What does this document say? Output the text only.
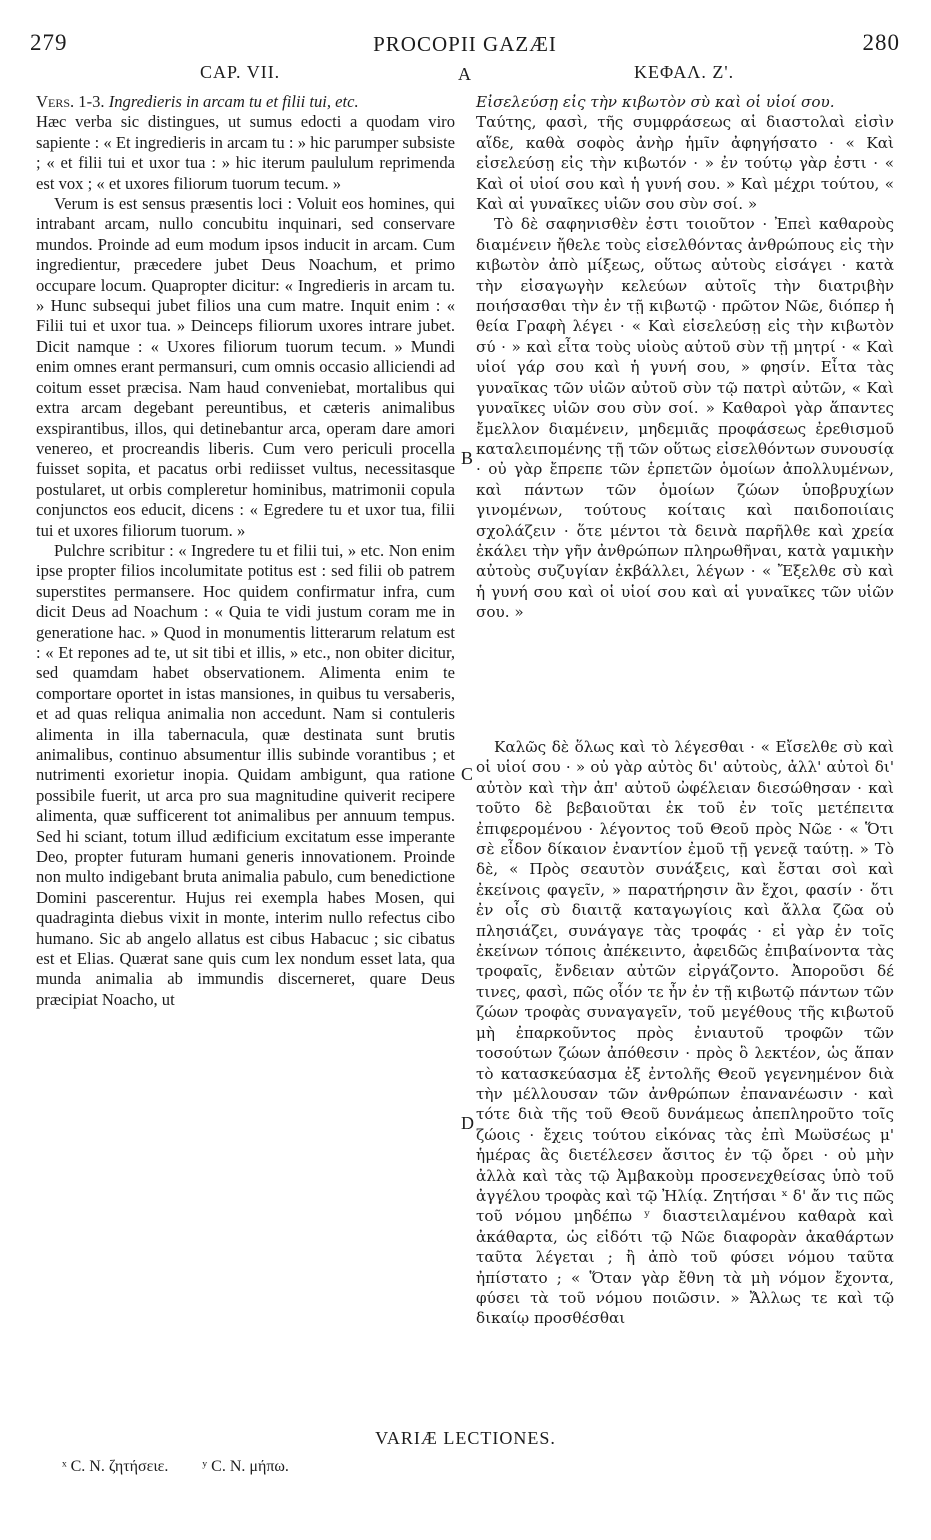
279	PROCOPII GAZÆI	280
CAP. VII.	ΚΕΦΑΛ. Ζ'.
A
B
C
D

Vers. 1-3. Ingredieris in arcam tu et filii tui, etc.

Hæc verba sic distingues, ut sumus edocti a quodam viro sapiente : « Et ingredieris in arcam tu : » hic parumper subsiste ; « et filii tui et uxor tua : » hic iterum paululum reprimenda est vox ; « et uxores filiorum tuorum tecum. »

Verum is est sensus præsentis loci : Voluit eos homines, qui intrabant arcam, nullo concubitu inquinari, sed conservare mundos. Proinde ad eum modum ipsos inducit in arcam. Cum ingredientur, præcedere jubet Deus Noachum, et primo occupare locum. Quapropter dicitur: « Ingredieris in arcam tu. » Hunc subsequi jubet filios una cum matre. Inquit enim : « Filii tui et uxor tua. » Deinceps filiorum uxores intrare jubet. Dicit namque : « Uxores filiorum tuorum tecum. » Mundi enim omnes erant permansuri, cum omnis occasio alliciendi ad coitum esset præcisa. Nam haud conveniebat, mortalibus qui extra arcam degebant pereuntibus, et cæteris animalibus exspirantibus, illos, qui detinebantur arca, operam dare amori venereo, et procreandis liberis. Cum vero periculi procella fuisset sopita, et pacatus orbi rediisset vultus, necessitasque postularet, ut orbis compleretur hominibus, matrimonii copula conjunctos eos educit, dicens : « Egredere tu et uxor tua, filii tui et uxores filiorum tuorum. »

Pulchre scribitur : « Ingredere tu et filii tui, » etc. Non enim ipse propter filios incolumitate potitus est : sed filii ob patrem superstites permansere. Hoc quidem confirmatur infra, cum dicit Deus ad Noachum : « Quia te vidi justum coram me in generatione hac. » Quod in monumentis litterarum relatum est : « Et repones ad te, ut sit tibi et illis, » etc., non obiter dicitur, sed quamdam habet observationem. Alimenta enim te comportare oportet in istas mansiones, in quibus tu versaberis, et ad quas reliqua animalia non accedunt. Nam si contuleris alimenta in illa tabernacula, quæ destinata sunt brutis animalibus, continuo absumentur illis subinde vorantibus ; et nutrimenti exorietur inopia. Quidam ambigunt, qua ratione possibile fuerit, ut arca pro sua magnitudine quiverit recipere alimenta, quæ sufficerent tot animalibus per annuum tempus. Sed hi sciant, totum illud ædificium excitatum esse imperante Deo, propter futuram humani generis innovationem. Proinde non multo indigebant bruta animalia pabulo, cum benedictione Domini pascerentur. Hujus rei exempla habes Mosen, qui quadraginta diebus vixit in monte, interim nullo refectus cibo humano. Sic ab angelo allatus est cibus Habacuc ; sic cibatus est et Elias. Quærat sane quis cum lex nondum esset lata, qua munda animalia ab immundis discerneret, quare Deus præcipiat Noacho, ut

Εἰσελεύσῃ εἰς τὴν κιβωτὸν σὺ καὶ οἱ υἱοί σου.

Ταύτης, φασὶ, τῆς συμφράσεως αἱ διαστολαὶ εἰσὶν αἵδε, καθὰ σοφὸς ἀνὴρ ἡμῖν ἀφηγήσατο · « Καὶ εἰσελεύσῃ εἰς τὴν κιβωτόν · » ἐν τούτῳ γὰρ ἐστι · « Καὶ οἱ υἱοί σου καὶ ἡ γυνή σου. » Καὶ μέχρι τούτου, « Καὶ αἱ γυναῖκες υἱῶν σου σὺν σοί. »

Τὸ δὲ σαφηνισθὲν ἐστι τοιοῦτον · Ἐπεὶ καθαροὺς διαμένειν ἤθελε τοὺς εἰσελθόντας ἀνθρώπους εἰς τὴν κιβωτὸν ἀπὸ μίξεως, οὕτως αὐτοὺς εἰσάγει · κατὰ τὴν εἰσαγωγὴν κελεύων αὐτοῖς τὴν διατριβὴν ποιήσασθαι τὴν ἐν τῇ κιβωτῷ · πρῶτον Νῶε, διόπερ ἡ θεία Γραφὴ λέγει · « Καὶ εἰσελεύσῃ εἰς τὴν κιβωτὸν σύ · » καὶ εἶτα τοὺς υἱοὺς αὐτοῦ σὺν τῇ μητρί · « Καὶ υἱοί γάρ σου καὶ ἡ γυνή σου, » φησίν. Εἶτα τὰς γυναῖκας τῶν υἱῶν αὐτοῦ σὺν τῷ πατρὶ αὐτῶν, « Καὶ γυναῖκες υἱῶν σου σὺν σοί. » Καθαροὶ γὰρ ἅπαντες ἔμελλον διαμένειν, μηδεμιᾶς προφάσεως ἐρεθισμοῦ καταλειπομένης τῇ τῶν οὕτως εἰσελθόντων συνουσίᾳ · οὐ γὰρ ἔπρεπε τῶν ἑρπετῶν ὁμοίων ἀπολλυμένων, καὶ πάντων τῶν ὁμοίων ζώων ὑποβρυχίων γινομένων, τούτους κοίταις καὶ παιδοποιίαις σχολάζειν · ὅτε μέντοι τὰ δεινὰ παρῆλθε καὶ χρεία ἐκάλει τὴν γῆν ἀνθρώπων πληρωθῆναι, κατὰ γαμικὴν αὐτοὺς συζυγίαν ἐκβάλλει, λέγων · « Ἔξελθε σὺ καὶ ἡ γυνή σου καὶ οἱ υἱοί σου καὶ αἱ γυναῖκες τῶν υἱῶν σου. »

Καλῶς δὲ ὅλως καὶ τὸ λέγεσθαι · « Εἴσελθε σὺ καὶ οἱ υἱοί σου · » οὐ γὰρ αὐτὸς δι' αὐτοὺς, ἀλλ' αὐτοὶ δι' αὐτὸν καὶ τὴν ἀπ' αὐτοῦ ὠφέλειαν διεσώθησαν · καὶ τοῦτο δὲ βεβαιοῦται ἐκ τοῦ ἐν τοῖς μετέπειτα ἐπιφερομένου · λέγοντος τοῦ Θεοῦ πρὸς Νῶε · « Ὅτι σὲ εἶδον δίκαιον ἐναντίον ἐμοῦ τῇ γενεᾷ ταύτῃ. » Τὸ δὲ, « Πρὸς σεαυτὸν συνάξεις, καὶ ἔσται σοὶ καὶ ἐκείνοις φαγεῖν, » παρατήρησιν ἂν ἔχοι, φασίν · ὅτι ἐν οἷς σὺ διαιτᾷ καταγωγίοις καὶ ἄλλα ζῶα οὐ πλησιάζει, συνάγαγε τὰς τροφάς · εἰ γὰρ ἐν τοῖς ἐκείνων τόποις ἀπέκειντο, ἀφειδῶς ἐπιβαίνοντα τὰς τροφαῖς, ἔνδειαν αὐτῶν εἰργάζοντο. Ἀποροῦσι δέ τινες, φασὶ, πῶς οἷόν τε ἦν ἐν τῇ κιβωτῷ πάντων τῶν ζώων τροφὰς συναγαγεῖν, τοῦ μεγέθους τῆς κιβωτοῦ μὴ ἐπαρκοῦντος πρὸς ἐνιαυτοῦ τροφῶν τῶν τοσούτων ζώων ἀπόθεσιν · πρὸς ὃ λεκτέον, ὡς ἅπαν τὸ κατασκεύασμα ἐξ ἐντολῆς Θεοῦ γεγενημένον διὰ τὴν μέλλουσαν τῶν ἀνθρώπων ἐπανανέωσιν · καὶ τότε διὰ τῆς τοῦ Θεοῦ δυνάμεως ἀπεπληροῦτο τοῖς ζώοις · ἔχεις τούτου εἰκόνας τὰς ἐπὶ Μωϋσέως μ' ἡμέρας ἃς διετέλεσεν ἄσιτος ἐν τῷ ὄρει · οὐ μὴν ἀλλὰ καὶ τὰς τῷ Ἀμβακοὺμ προσενεχθείσας ὑπὸ τοῦ ἀγγέλου τροφὰς καὶ τῷ Ἠλίᾳ. Ζητήσαι ˣ δ' ἄν τις πῶς τοῦ νόμου μηδέπω ʸ διαστειλαμένου καθαρὰ καὶ ἀκάθαρτα, ὡς εἰδότι τῷ Νῶε διαφορὰν ἀκαθάρτων ταῦτα λέγεται ; ἢ ἀπὸ τοῦ φύσει νόμου ταῦτα ἠπίστατο ; « Ὅταν γὰρ ἔθνη τὰ μὴ νόμον ἔχοντα, φύσει τὰ τοῦ νόμου ποιῶσιν. » Ἄλλως τε καὶ τῷ δικαίῳ προσθέσθαι

VARIÆ LECTIONES.
ˣ C. N. ζητήσειε. ʸ C. N. μήπω.
